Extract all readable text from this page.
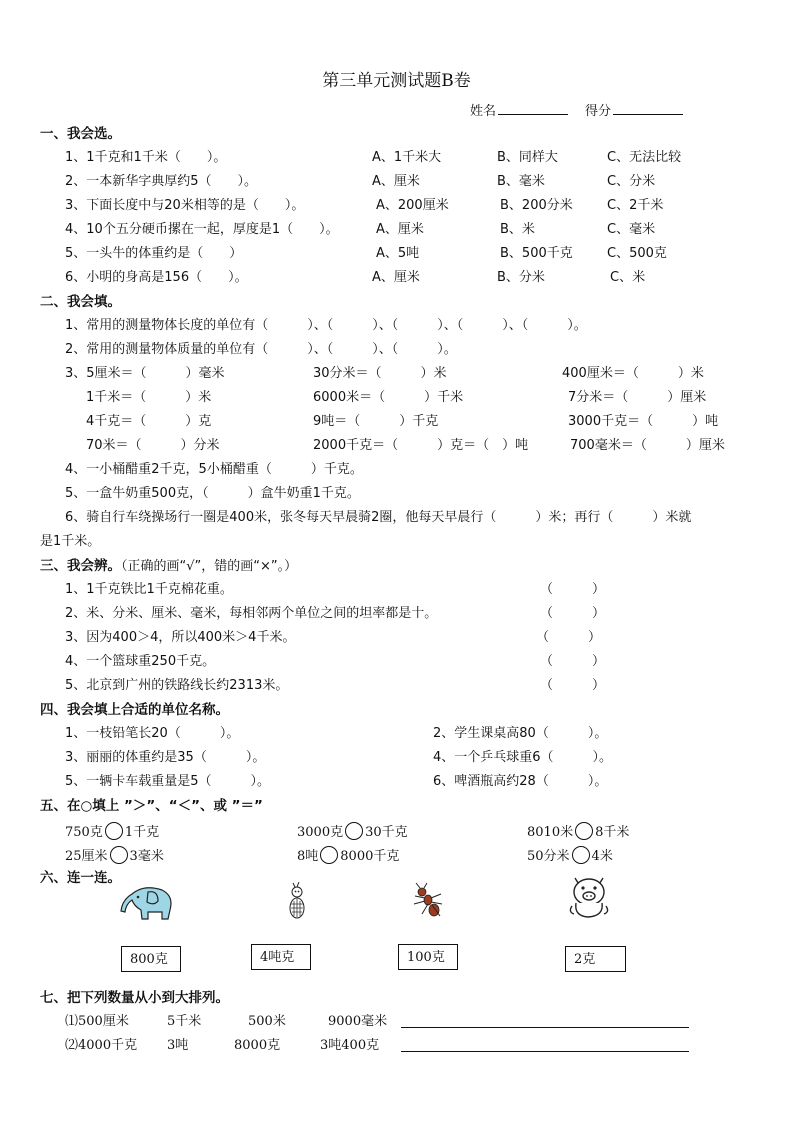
第三单元测试题B卷
姓名	得分
一、我会选。
1、1千克和1千米（　　）。	A、1千米大	B、同样大	C、无法比较
2、一本新华字典厚约5（　　）。	A、厘米	B、毫米	C、分米
3、下面长度中与20米相等的是（　　）。	A、200厘米	B、200分米	C、2千米
4、10个五分硬币摞在一起，厚度是1（　　）。	A、厘米	B、米	C、毫米
5、一头牛的体重约是（　　）	A、5吨	B、500千克	C、500克
6、小明的身高是156（　　）。	A、厘米	B、分米	C、米
二、我会填。
1、常用的测量物体长度的单位有（　　　）、（　　　）、（　　　）、（　　　）、（　　　）。
2、常用的测量物体质量的单位有（　　　）、（　　　）、（　　　）。
3、5厘米＝（　　　）毫米	30分米＝（　　　）米	400厘米＝（　　　）米
1千米＝（　　　）米	6000米＝（　　　）千米	7分米＝（　　　）厘米
4千克＝（　　　）克	9吨＝（　　　）千克	3000千克＝（　　　）吨
70米＝（　　　）分米	2000千克＝（　　　）克＝（　）吨	700毫米＝（　　　）厘米
4、一小桶醋重2千克，5小桶醋重（　　　）千克。
5、一盒牛奶重500克，（　　　）盒牛奶重1千克。
6、骑自行车绕操场行一圈是400米，张冬每天早晨骑2圈，他每天早晨行（　　　）米；再行（　　　）米就
是1千米。
三、我会辨。（正确的画“√”，错的画“×”。）
1、1千克铁比1千克棉花重。	（　　　）
2、米、分米、厘米、毫米，每相邻两个单位之间的坦率都是十。	（　　　）
3、因为400＞4，所以400米＞4千米。	（　　　）
4、一个篮球重250千克。	（　　　）
5、北京到广州的铁路线长约2313米。	（　　　）
四、我会填上合适的单位名称。
1、一枝铅笔长20（　　　）。	2、学生课桌高80（　　　）。
3、丽丽的体重约是35（　　　）。	4、一个乒乓球重6（　　　）。
5、一辆卡车载重量是5（　　　）。	6、啤酒瓶高约28（　　　）。
五、在○填上 ”＞”、“＜”、或 ”＝”
750克 1千克	3000克 30千克	8010米 8千米
25厘米 3毫米	8吨 8000千克	50分米 4米
六、连一连。
800克	4吨克	100克	2克
七、把下列数量从小到大排列。
⑴500厘米	5千米	500米	9000毫米
⑵4000千克 3吨	8000克	3吨400克
